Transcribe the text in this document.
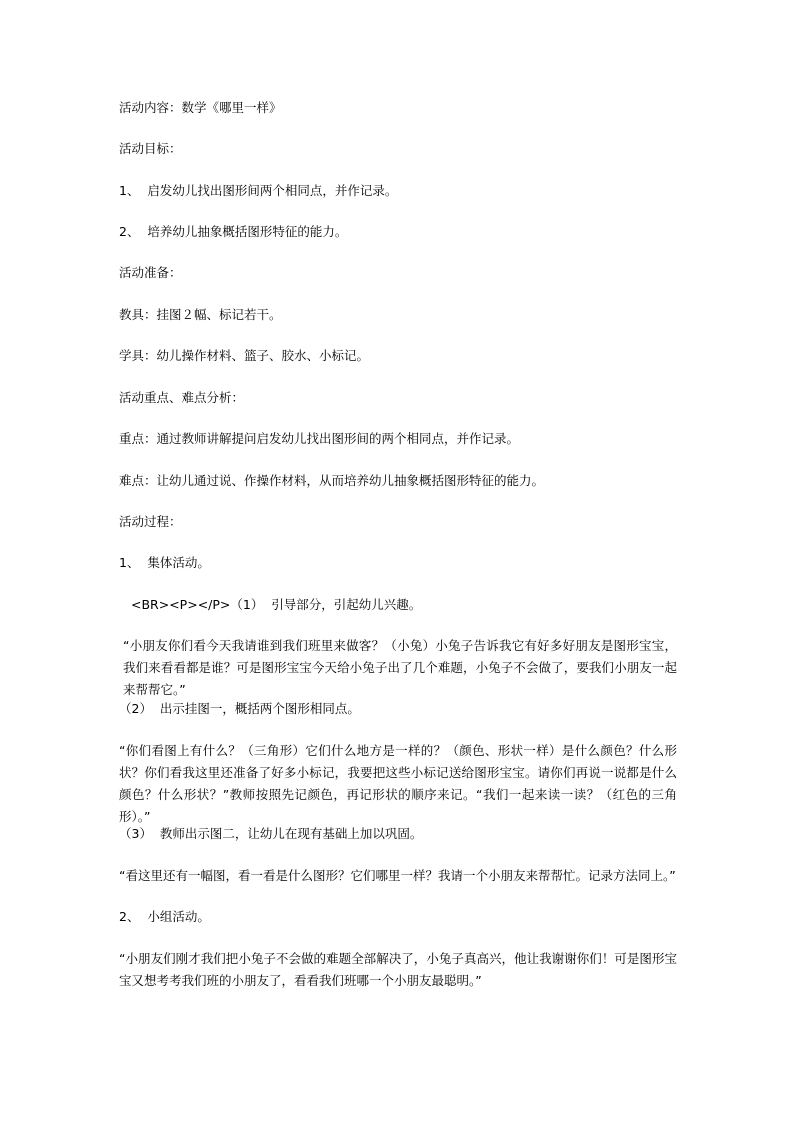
活动内容：数学《哪里一样》

活动目标：

1、  启发幼儿找出图形间两个相同点，并作记录。

2、  培养幼儿抽象概括图形特征的能力。

活动准备：

教具：挂图２幅、标记若干。

学具：幼儿操作材料、篮子、胶水、小标记。

活动重点、难点分析：

重点：通过教师讲解提问启发幼儿找出图形间的两个相同点，并作记录。

难点：让幼儿通过说、作操作材料，从而培养幼儿抽象概括图形特征的能力。

活动过程：

1、  集体活动。

<BR><P></P>（1）  引导部分，引起幼儿兴趣。

“小朋友你们看今天我请谁到我们班里来做客？（小兔）小兔子告诉我它有好多好朋友是图形宝宝，我们来看看都是谁？可是图形宝宝今天给小兔子出了几个难题，小兔子不会做了，要我们小朋友一起来帮帮它。”

（2）  出示挂图一，概括两个图形相同点。

“你们看图上有什么？（三角形）它们什么地方是一样的？（颜色、形状一样）是什么颜色？什么形状？你们看我这里还准备了好多小标记，我要把这些小标记送给图形宝宝。请你们再说一说都是什么颜色？什么形状？”教师按照先记颜色，再记形状的顺序来记。“我们一起来读一读？（红色的三角形）。”

（3）  教师出示图二，让幼儿在现有基础上加以巩固。

“看这里还有一幅图，看一看是什么图形？它们哪里一样？我请一个小朋友来帮帮忙。记录方法同上。”

2、  小组活动。

“小朋友们刚才我们把小兔子不会做的难题全部解决了，小兔子真高兴，他让我谢谢你们！可是图形宝宝又想考考我们班的小朋友了，看看我们班哪一个小朋友最聪明。”
